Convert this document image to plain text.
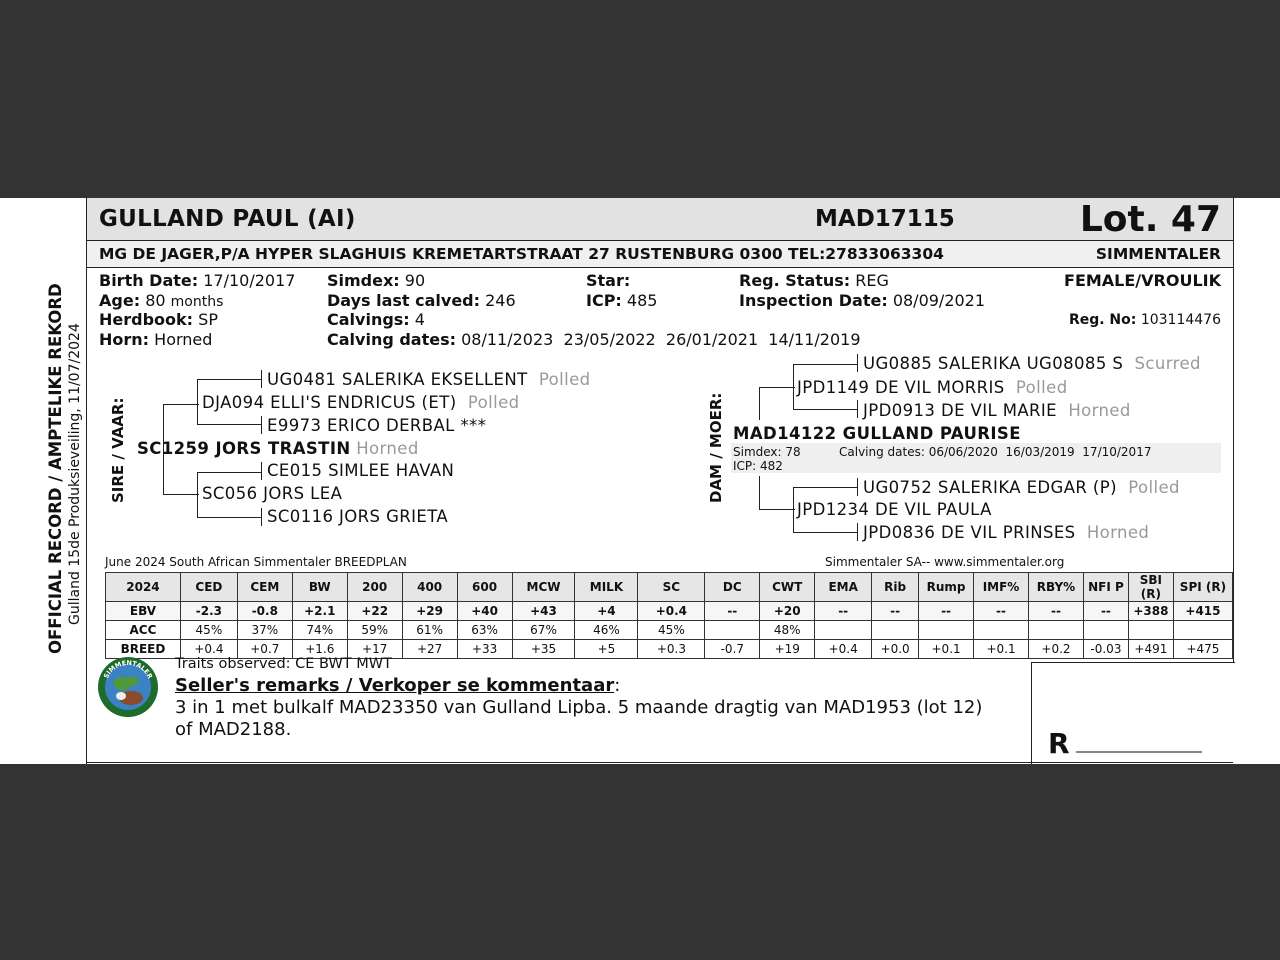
OFFICIAL RECORD / AMPTELIKE REKORD Gulland 15de Produksieveiling, 11/07/2024
GULLAND PAUL (AI)	MAD17115	Lot. 47
MG DE JAGER,P/A HYPER SLAGHUIS KREMETARTSTRAAT 27 RUSTENBURG 0300 TEL:27833063304	SIMMENTALER
Birth Date: 17/10/2017
Age: 80 months
Herdbook: SP
Horn: Horned
Simdex: 90
Days last calved: 246
Calvings: 4
Calving dates: 08/11/2023  23/05/2022  26/01/2021  14/11/2019
Star:
ICP: 485
Reg. Status: REG
Inspection Date: 08/09/2021
FEMALE/VROULIK
Reg. No: 103114476
SIRE / VAAR:
UG0481 SALERIKA EKSELLENT Polled
DJA094 ELLI'S ENDRICUS (ET) Polled
E9973 ERICO DERBAL ***
SC1259 JORS TRASTIN Horned
CE015 SIMLEE HAVAN
SC056 JORS LEA
SC0116 JORS GRIETA
DAM / MOER:
UG0885 SALERIKA UG08085 S Scurred
JPD1149 DE VIL MORRIS Polled
JPD0913 DE VIL MARIE Horned
MAD14122 GULLAND PAURISE
Simdex: 78
ICP: 482
Calving dates: 06/06/2020  16/03/2019  17/10/2017
UG0752 SALERIKA EDGAR (P) Polled
JPD1234 DE VIL PAULA
JPD0836 DE VIL PRINSES Horned
June 2024 South African Simmentaler BREEDPLAN	Simmentaler SA-- www.simmentaler.org
2024	CED	CEM	BW	200	400	600	MCW	MILK	SC	DC	CWT	EMA	Rib	Rump	IMF%	RBY%	NFI P	SBI (R)	SPI (R)
EBV	-2.3	-0.8	+2.1	+22	+29	+40	+43	+4	+0.4	--	+20	--	--	--	--	--	--	+388	+415
ACC	45%	37%	74%	59%	61%	63%	67%	46%	45%		48%								
BREED	+0.4	+0.7	+1.6	+17	+27	+33	+35	+5	+0.3	-0.7	+19	+0.4	+0.0	+0.1	+0.1	+0.2	-0.03	+491	+475
SIMMENTALER
Traits observed: CE BWT MWT
Seller's remarks / Verkoper se kommentaar:
3 in 1 met bulkalf MAD23350 van Gulland Lipba. 5 maande dragtig van MAD1953 (lot 12) of MAD2188.	R __________________
